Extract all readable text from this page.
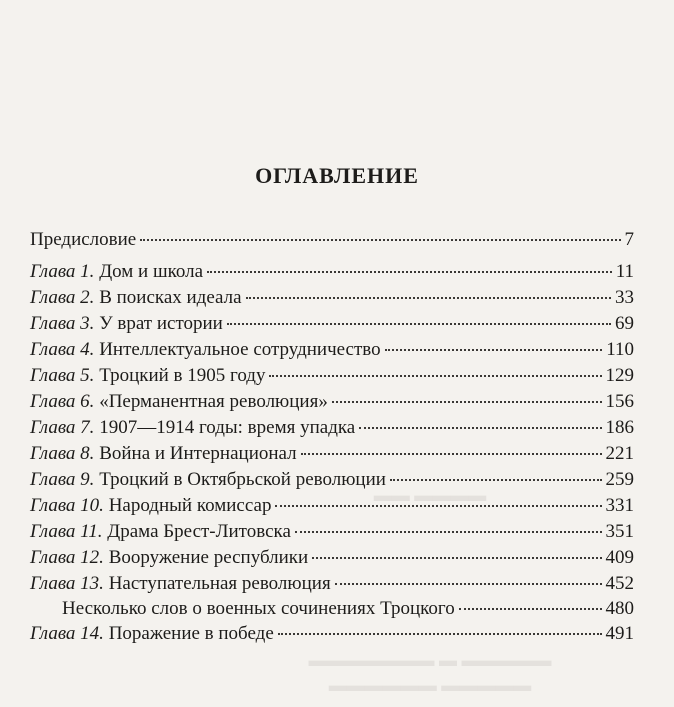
▬▬ ▬▬▬▬
▬▬▬▬▬▬▬ ▬ ▬▬▬▬▬
▬▬▬▬▬▬ ▬▬▬▬▬
ОГЛАВЛЕНИЕ
Предисловие	7
Глава 1. Дом и школа	11
Глава 2. В поисках идеала	33
Глава 3. У врат истории	69
Глава 4. Интеллектуальное сотрудничество	110
Глава 5. Троцкий в 1905 году	129
Глава 6. «Перманентная революция»	156
Глава 7. 1907—1914 годы: время упадка	186
Глава 8. Война и Интернационал	221
Глава 9. Троцкий в Октябрьской революции	259
Глава 10. Народный комиссар	331
Глава 11. Драма Брест-Литовска	351
Глава 12. Вооружение республики	409
Глава 13. Наступательная революция	452
Несколько слов о военных сочинениях Троцкого	480
Глава 14. Поражение в победе	491
